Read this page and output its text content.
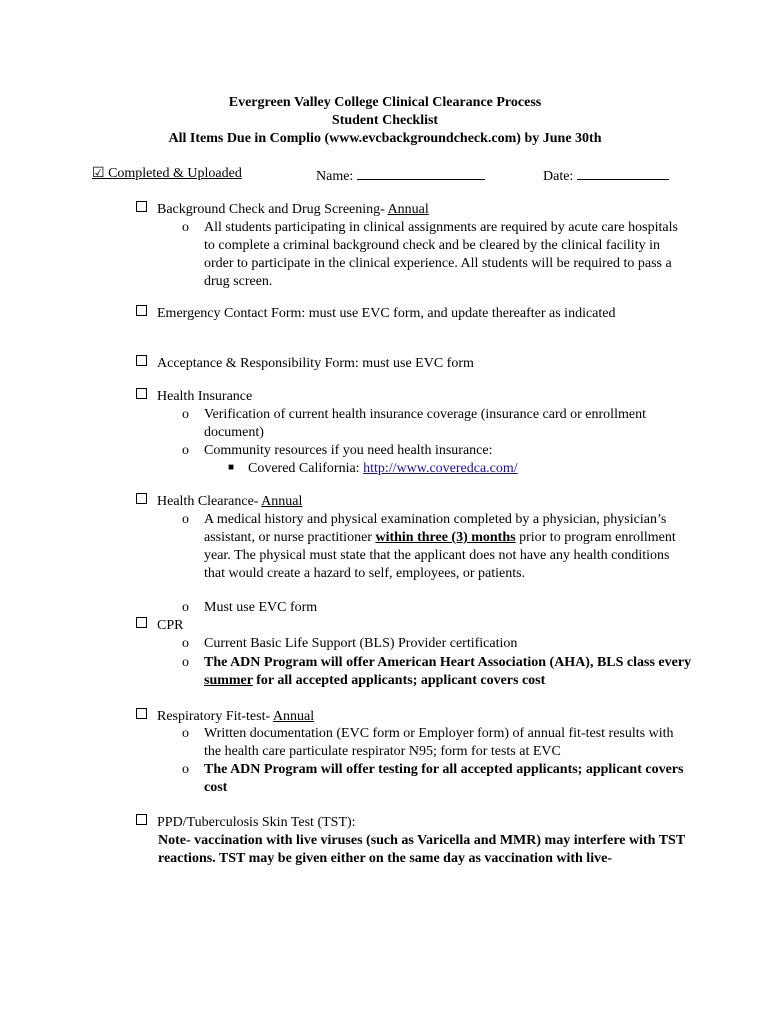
Evergreen Valley College Clinical Clearance Process
Student Checklist
All Items Due in Complio (www.evcbackgroundcheck.com) by June 30th
☑ Completed & Uploaded	Name:	Date:
Background Check and Drug Screening- Annual
o All students participating in clinical assignments are required by acute care hospitals to complete a criminal background check and be cleared by the clinical facility in order to participate in the clinical experience. All students will be required to pass a drug screen.
Emergency Contact Form: must use EVC form, and update thereafter as indicated
Acceptance & Responsibility Form: must use EVC form
Health Insurance
o Verification of current health insurance coverage (insurance card or enrollment document)
o Community resources if you need health insurance:
■ Covered California: http://www.coveredca.com/
Health Clearance- Annual
o A medical history and physical examination completed by a physician, physician’s assistant, or nurse practitioner within three (3) months prior to program enrollment year. The physical must state that the applicant does not have any health conditions that would create a hazard to self, employees, or patients.
o Must use EVC form
CPR
o Current Basic Life Support (BLS) Provider certification
o The ADN Program will offer American Heart Association (AHA), BLS class every summer for all accepted applicants; applicant covers cost
Respiratory Fit-test- Annual
o Written documentation (EVC form or Employer form) of annual fit-test results with the health care particulate respirator N95; form for tests at EVC
o The ADN Program will offer testing for all accepted applicants; applicant covers cost
PPD/Tuberculosis Skin Test (TST):
Note- vaccination with live viruses (such as Varicella and MMR) may interfere with TST reactions. TST may be given either on the same day as vaccination with live-
